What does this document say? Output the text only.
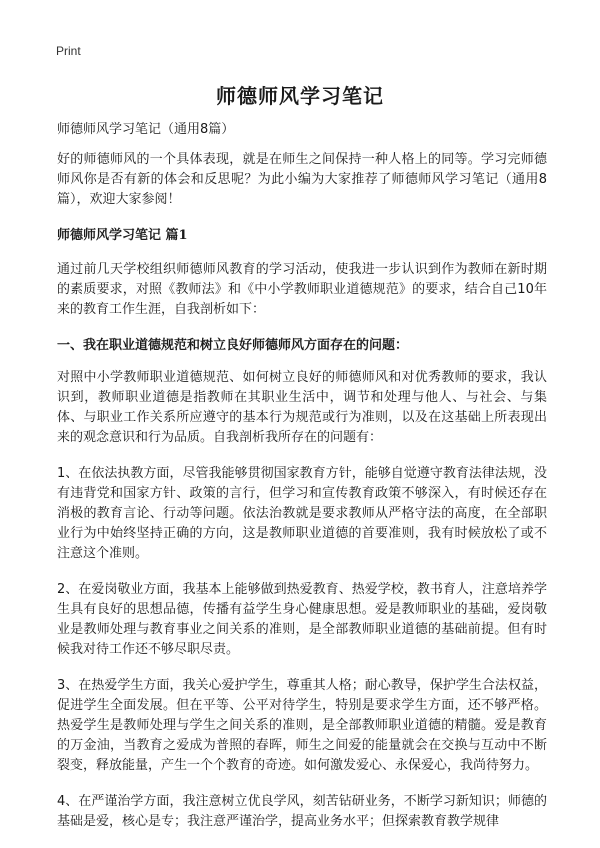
Print
师德师风学习笔记
师德师风学习笔记（通用8篇）

好的师德师风的一个具体表现，就是在师生之间保持一种人格上的同等。学习完师德师风你是否有新的体会和反思呢？为此小编为大家推荐了师德师风学习笔记（通用8篇），欢迎大家参阅！

师德师风学习笔记 篇1

通过前几天学校组织师德师风教育的学习活动，使我进一步认识到作为教师在新时期的素质要求，对照《教师法》和《中小学教师职业道德规范》的要求，结合自己10年来的教育工作生涯，自我剖析如下：

一、我在职业道德规范和树立良好师德师风方面存在的问题：

对照中小学教师职业道德规范、如何树立良好的师德师风和对优秀教师的要求，我认识到，教师职业道德是指教师在其职业生活中，调节和处理与他人、与社会、与集体、与职业工作关系所应遵守的基本行为规范或行为准则，以及在这基础上所表现出来的观念意识和行为品质。自我剖析我所存在的问题有：

1、在依法执教方面，尽管我能够贯彻国家教育方针，能够自觉遵守教育法律法规，没有违背党和国家方针、政策的言行，但学习和宣传教育政策不够深入，有时候还存在消极的教育言论、行动等问题。依法治教就是要求教师从严格守法的高度，在全部职业行为中始终坚持正确的方向，这是教师职业道德的首要准则，我有时候放松了或不注意这个准则。

2、在爱岗敬业方面，我基本上能够做到热爱教育、热爱学校，教书育人，注意培养学生具有良好的思想品德，传播有益学生身心健康思想。爱是教师职业的基础，爱岗敬业是教师处理与教育事业之间关系的准则，是全部教师职业道德的基础前提。但有时候我对待工作还不够尽职尽责。

3、在热爱学生方面，我关心爱护学生，尊重其人格；耐心教导，保护学生合法权益，促进学生全面发展。但在平等、公平对待学生，特别是要求学生方面，还不够严格。热爱学生是教师处理与学生之间关系的准则，是全部教师职业道德的精髓。爱是教育的万金油，当教育之爱成为普照的春晖，师生之间爱的能量就会在交换与互动中不断裂变，释放能量，产生一个个教育的奇迹。如何激发爱心、永保爱心，我尚待努力。

4、在严谨治学方面，我注意树立优良学风，刻苦钻研业务，不断学习新知识；师德的基础是爱，核心是专；我注意严谨治学，提高业务水平；但探索教育教学规律
